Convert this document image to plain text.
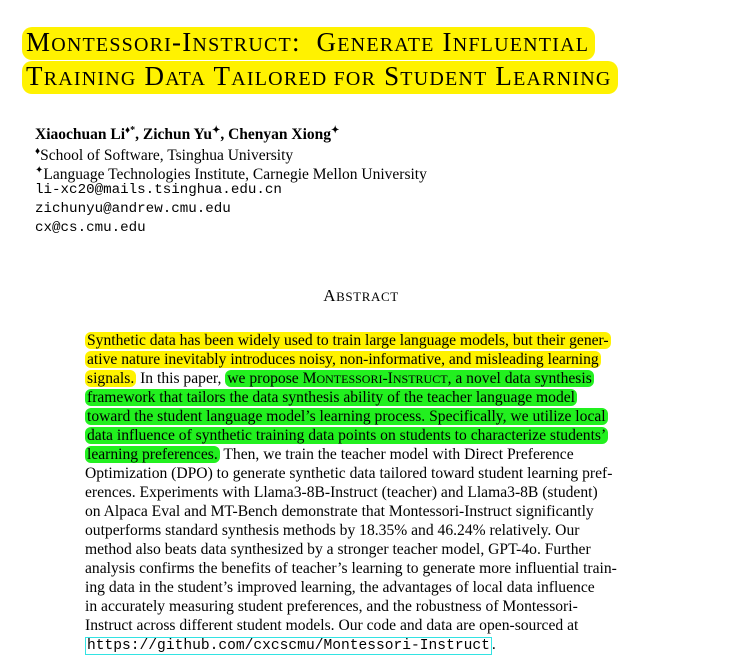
MONTESSORI-INSTRUCT:  GENERATE INFLUENTIAL
TRAINING DATA TAILORED FOR STUDENT LEARNING
Xiaochuan Li♦*, Zichun Yu✦, Chenyan Xiong✦
♦School of Software, Tsinghua University
✦Language Technologies Institute, Carnegie Mellon University
li-xc20@mails.tsinghua.edu.cn
zichunyu@andrew.cmu.edu
cx@cs.cmu.edu
ABSTRACT
Synthetic data has been widely used to train large language models, but their gener-
ative nature inevitably introduces noisy, non-informative, and misleading learning
signals. In this paper, we propose MONTESSORI-INSTRUCT, a novel data synthesis
framework that tailors the data synthesis ability of the teacher language model
toward the student language model’s learning process. Specifically, we utilize local
data influence of synthetic training data points on students to characterize students’
learning preferences. Then, we train the teacher model with Direct Preference
Optimization (DPO) to generate synthetic data tailored toward student learning pref-
erences. Experiments with Llama3-8B-Instruct (teacher) and Llama3-8B (student)
on Alpaca Eval and MT-Bench demonstrate that Montessori-Instruct significantly
outperforms standard synthesis methods by 18.35% and 46.24% relatively. Our
method also beats data synthesized by a stronger teacher model, GPT-4o. Further
analysis confirms the benefits of teacher’s learning to generate more influential train-
ing data in the student’s improved learning, the advantages of local data influence
in accurately measuring student preferences, and the robustness of Montessori-
Instruct across different student models. Our code and data are open-sourced at
https://github.com/cxcscmu/Montessori-Instruct .
